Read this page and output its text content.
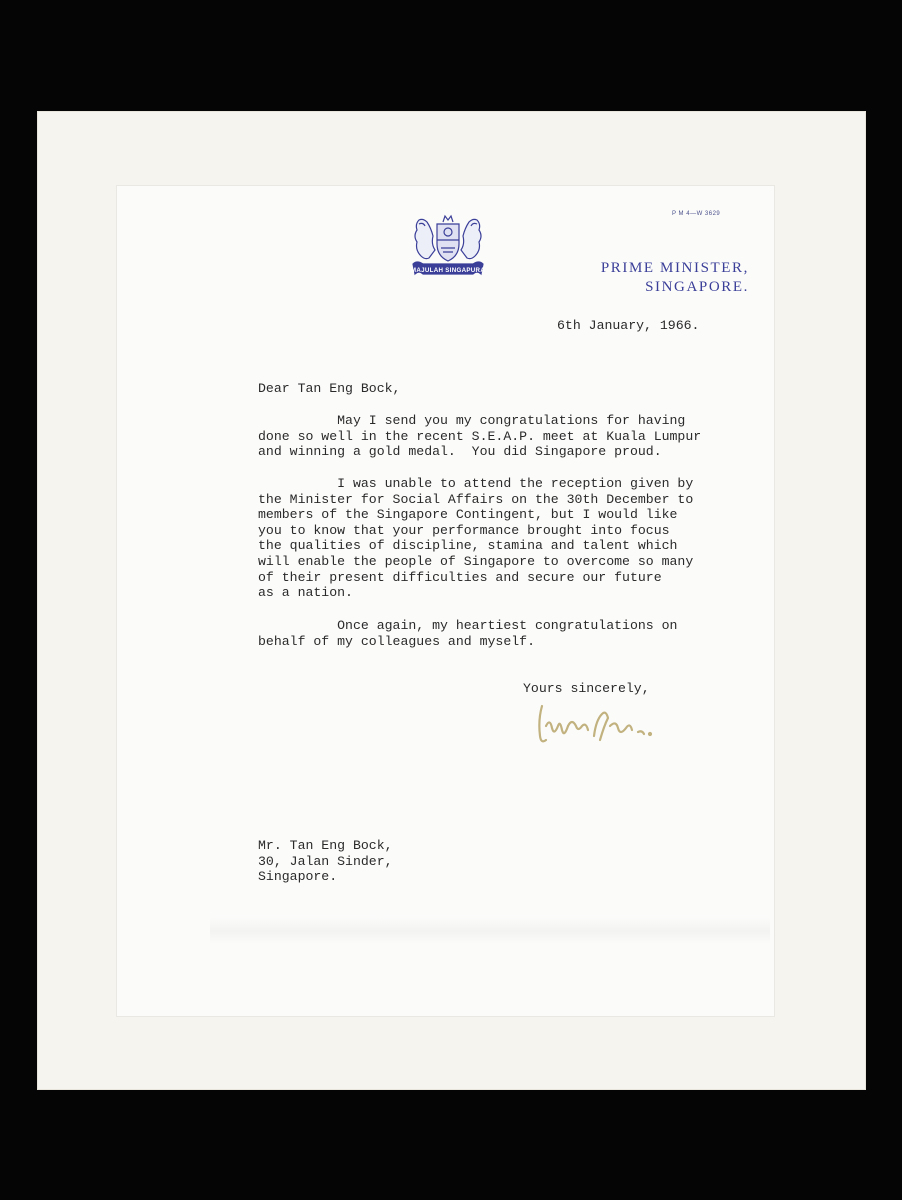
MAJULAH SINGAPURA
P M 4—W 3629
PRIME MINISTER,
SINGAPORE.
6th January, 1966.
Dear Tan Eng Bock,
May I send you my congratulations for having
done so well in the recent S.E.A.P. meet at Kuala Lumpur
and winning a gold medal.  You did Singapore proud.
I was unable to attend the reception given by
the Minister for Social Affairs on the 30th December to
members of the Singapore Contingent, but I would like
you to know that your performance brought into focus
the qualities of discipline, stamina and talent which
will enable the people of Singapore to overcome so many
of their present difficulties and secure our future
as a nation.
Once again, my heartiest congratulations on
behalf of my colleagues and myself.
Yours sincerely,
Mr. Tan Eng Bock,
30, Jalan Sinder,
Singapore.
